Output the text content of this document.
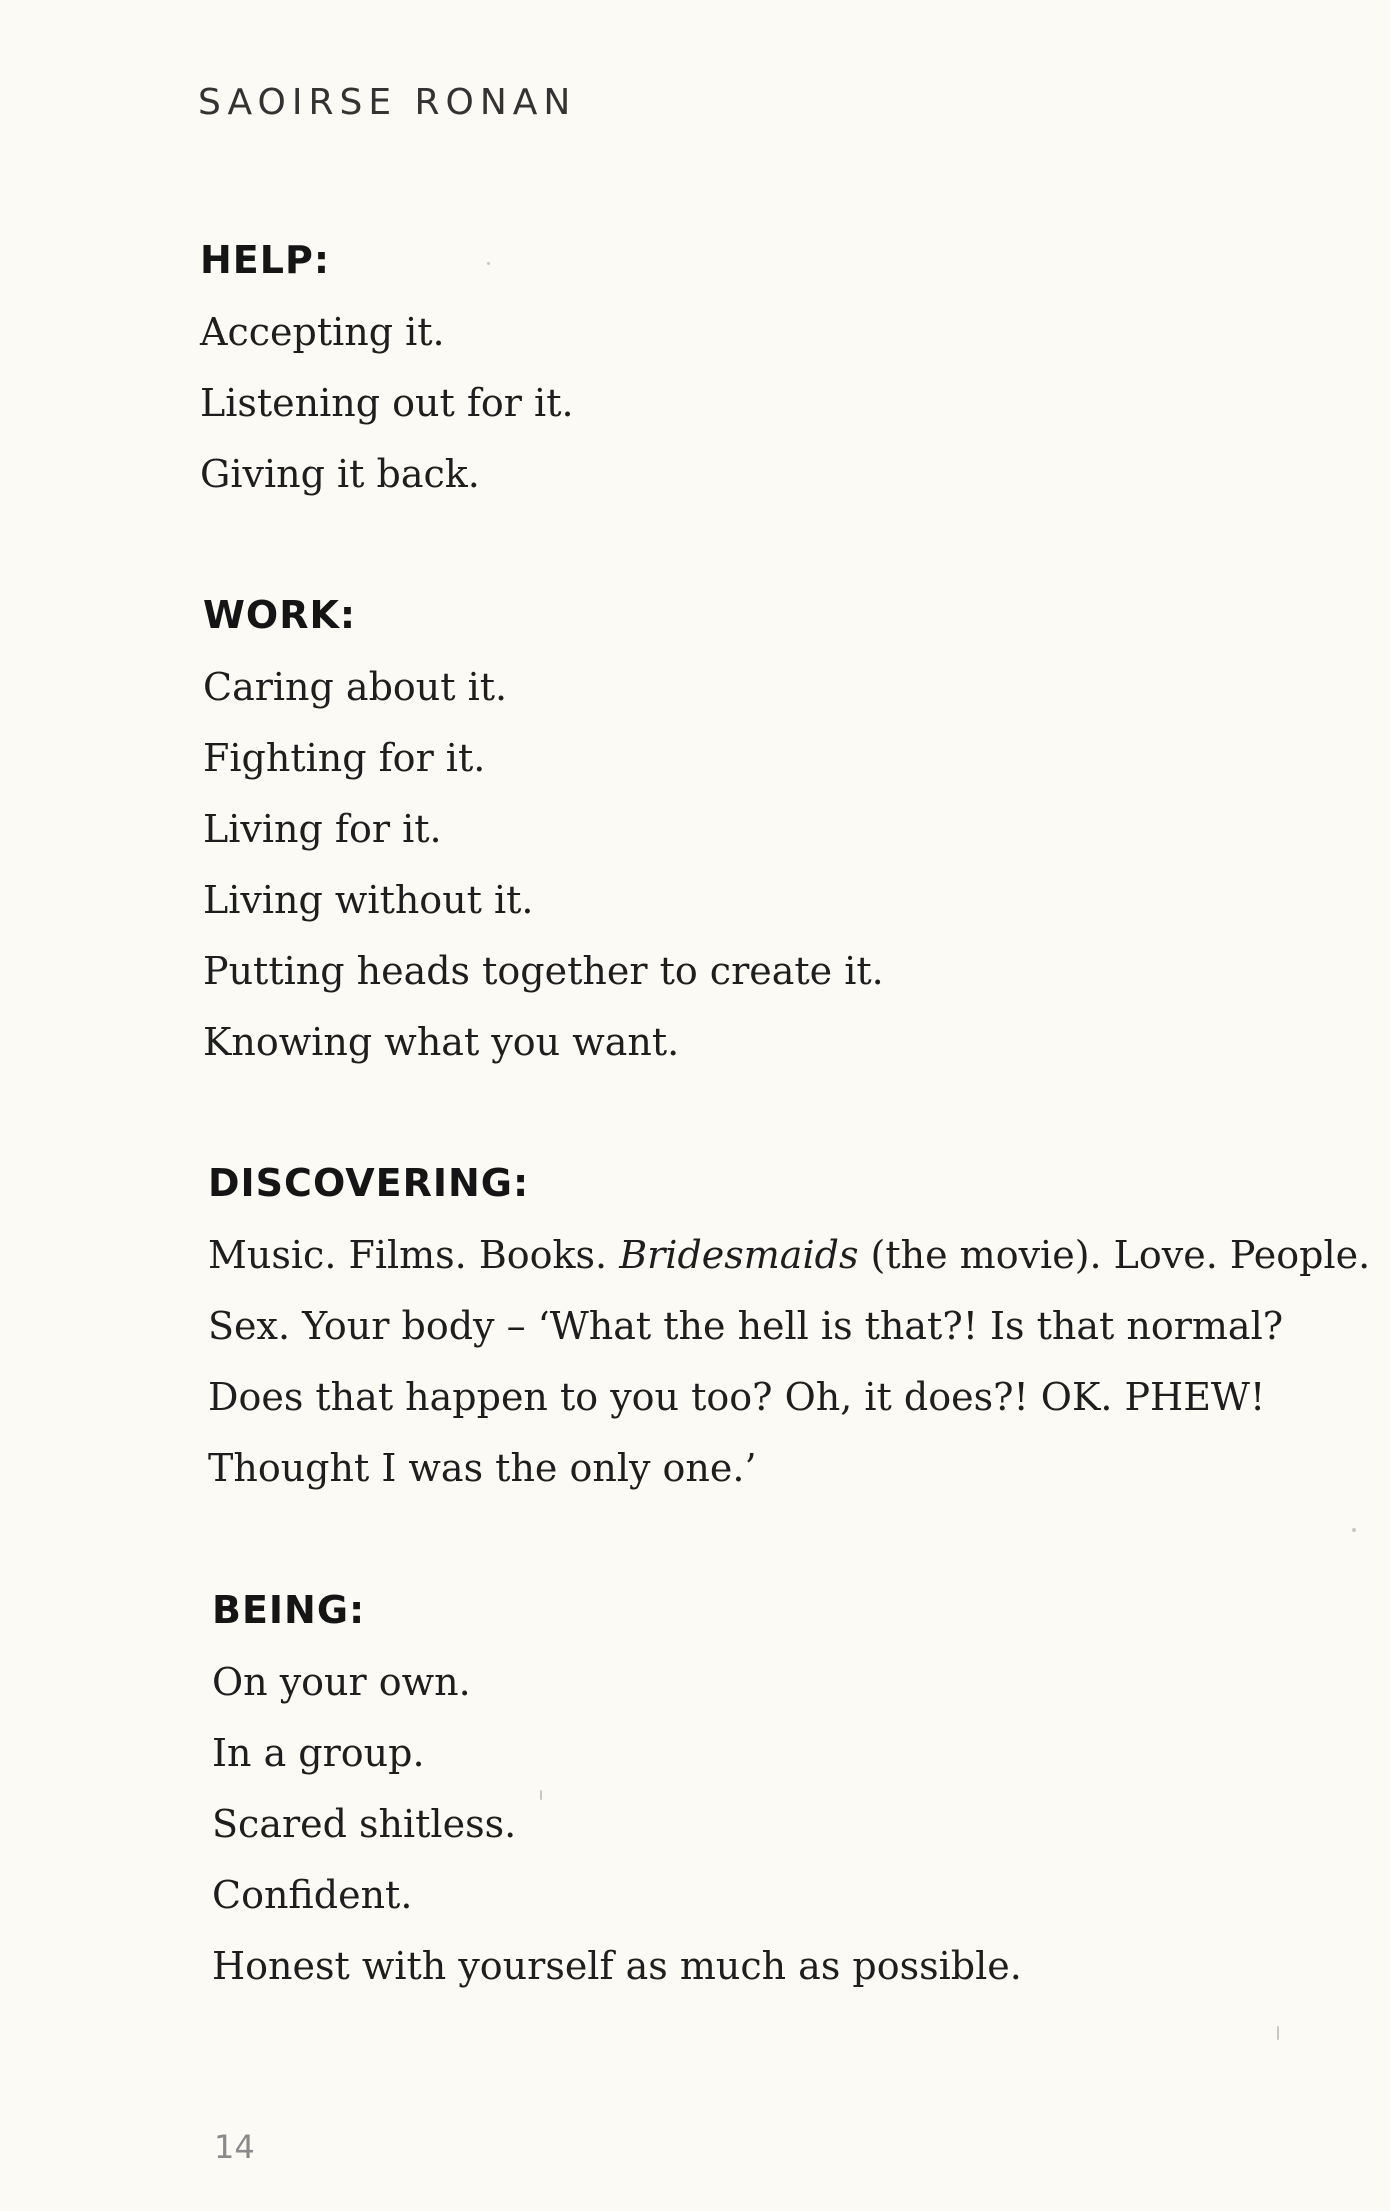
SAOIRSE RONAN
HELP:
Accepting it.
Listening out for it.
Giving it back.
WORK:
Caring about it.
Fighting for it.
Living for it.
Living without it.
Putting heads together to create it.
Knowing what you want.
DISCOVERING:
Music. Films. Books. Bridesmaids (the movie). Love. People.
Sex. Your body – ‘What the hell is that?! Is that normal?
Does that happen to you too? Oh, it does?! OK. PHEW!
Thought I was the only one.’
BEING:
On your own.
In a group.
Scared shitless.
Confident.
Honest with yourself as much as possible.
14
